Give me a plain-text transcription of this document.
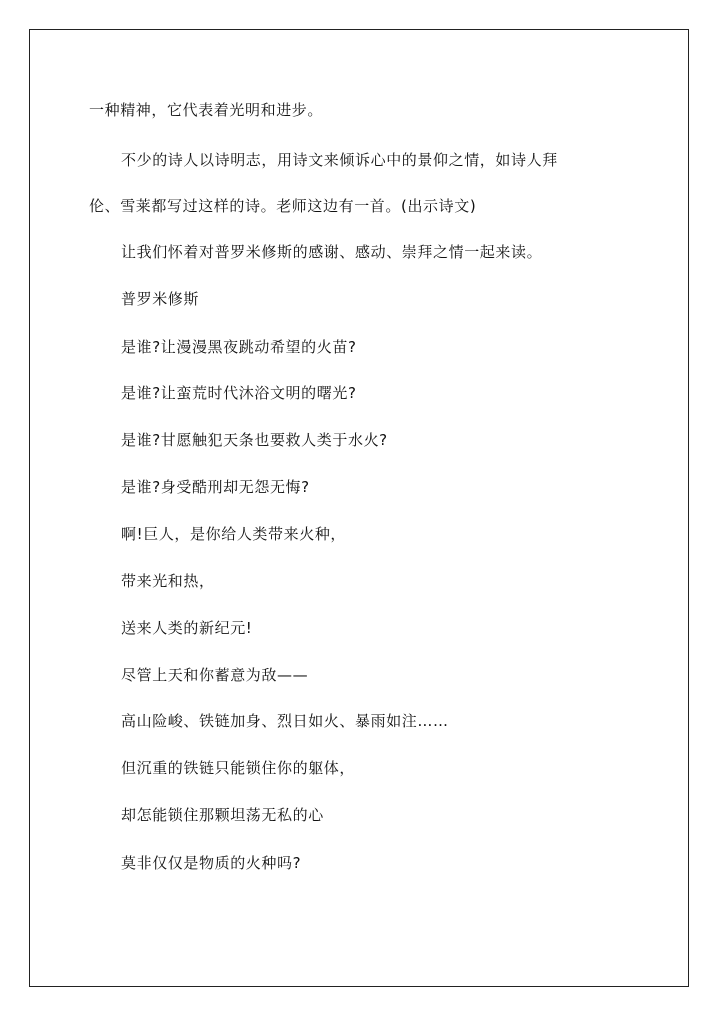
一种精神，它代表着光明和进步。
不少的诗人以诗明志，用诗文来倾诉心中的景仰之情，如诗人拜
伦、雪莱都写过这样的诗。老师这边有一首。(出示诗文)
让我们怀着对普罗米修斯的感谢、感动、崇拜之情一起来读。
普罗米修斯
是谁?让漫漫黑夜跳动希望的火苗?
是谁?让蛮荒时代沐浴文明的曙光?
是谁?甘愿触犯天条也要救人类于水火?
是谁?身受酷刑却无怨无悔?
啊!巨人，是你给人类带来火种，
带来光和热，
送来人类的新纪元!
尽管上天和你蓄意为敌——
高山险峻、铁链加身、烈日如火、暴雨如注……
但沉重的铁链只能锁住你的躯体，
却怎能锁住那颗坦荡无私的心
莫非仅仅是物质的火种吗?
